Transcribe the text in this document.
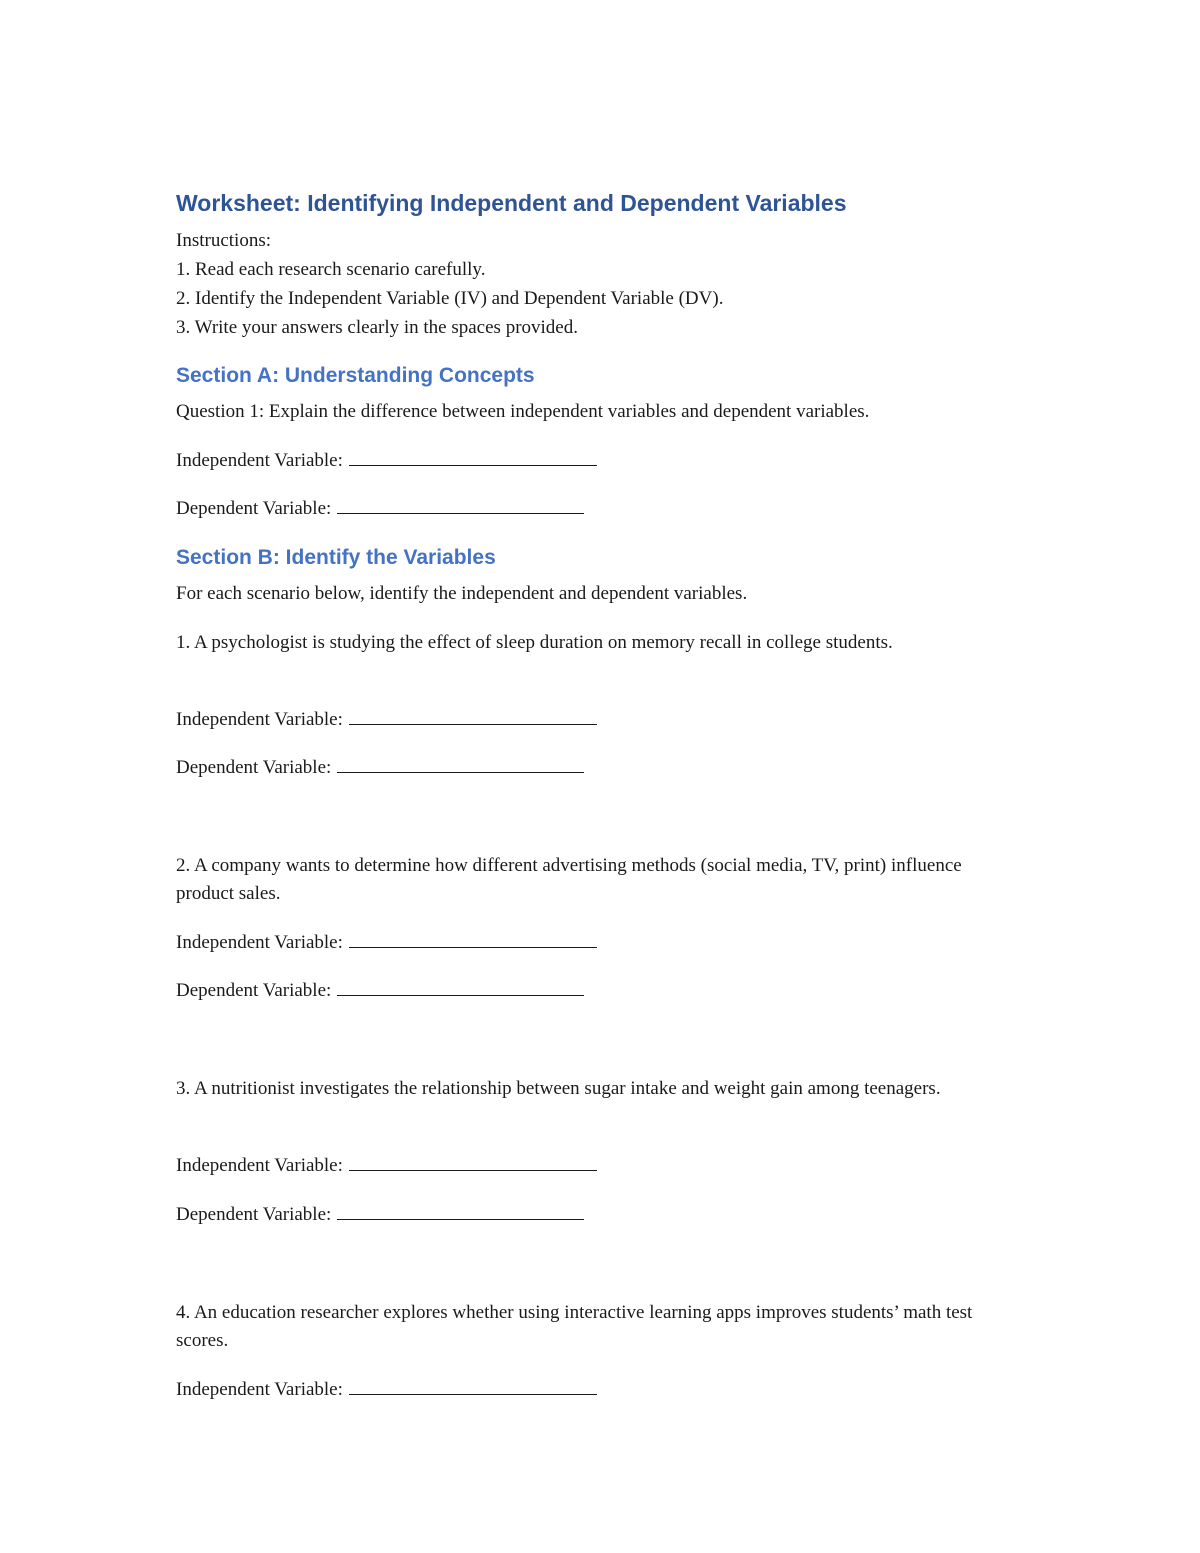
Worksheet: Identifying Independent and Dependent Variables

Instructions:

1. Read each research scenario carefully.

2. Identify the Independent Variable (IV) and Dependent Variable (DV).

3. Write your answers clearly in the spaces provided.

Section A: Understanding Concepts

Question 1: Explain the difference between independent variables and dependent variables.

Independent Variable:
Dependent Variable:
Section B: Identify the Variables

For each scenario below, identify the independent and dependent variables.

1. A psychologist is studying the effect of sleep duration on memory recall in college students.

Independent Variable:
Dependent Variable:

2. A company wants to determine how different advertising methods (social media, TV, print) influence product sales.

Independent Variable:
Dependent Variable:

3. A nutritionist investigates the relationship between sugar intake and weight gain among teenagers.

Independent Variable:
Dependent Variable:

4. An education researcher explores whether using interactive learning apps improves students’ math test scores.

Independent Variable:
